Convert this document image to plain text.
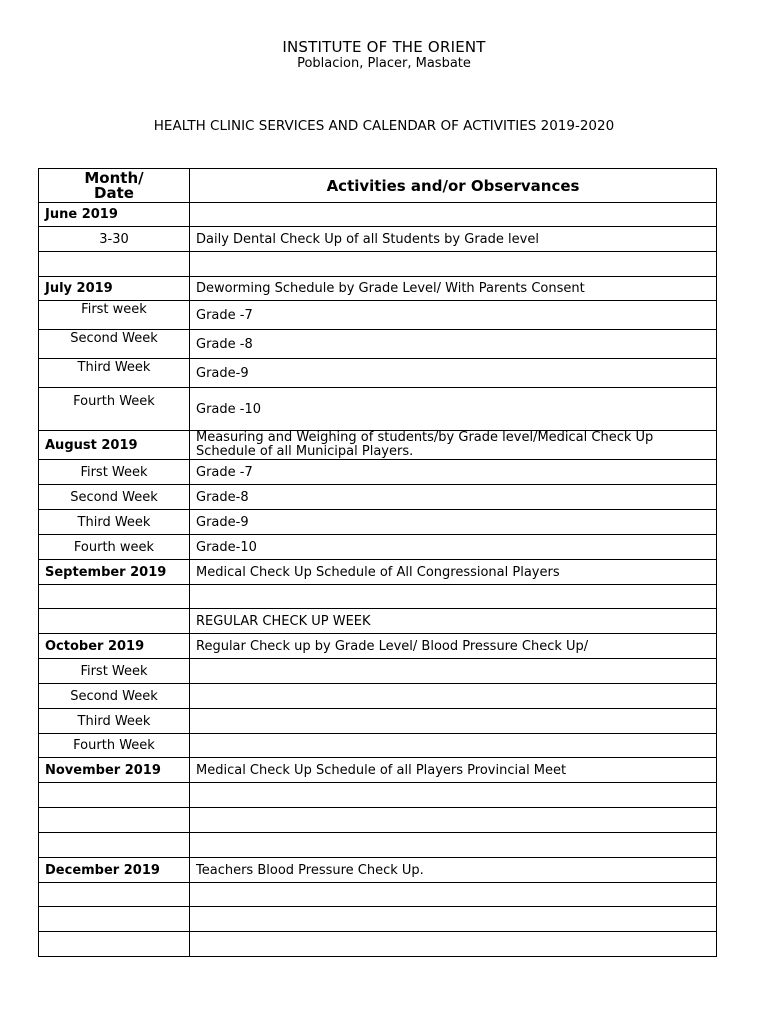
INSTITUTE OF THE ORIENT
Poblacion, Placer, Masbate
HEALTH CLINIC SERVICES AND CALENDAR OF ACTIVITIES 2019-2020
Month/
Date	Activities and/or Observances
June 2019	
3-30	Daily Dental Check Up of all Students by Grade level

July 2019	Deworming Schedule by Grade Level/ With Parents Consent
First week	Grade -7
Second Week	Grade -8
Third Week	Grade-9
Fourth Week	Grade -10
August 2019	Measuring and Weighing of students/by Grade level/Medical Check Up Schedule of all Municipal Players.
First Week	Grade -7
Second Week	Grade-8
Third Week	Grade-9
Fourth week	Grade-10
September 2019	Medical Check Up Schedule of All Congressional Players

	REGULAR CHECK UP WEEK
October 2019	Regular Check up by Grade Level/ Blood Pressure Check Up/
First Week	
Second Week	
Third Week	
Fourth Week	
November 2019	Medical Check Up Schedule of all Players Provincial Meet

December 2019	Teachers Blood Pressure Check Up.
